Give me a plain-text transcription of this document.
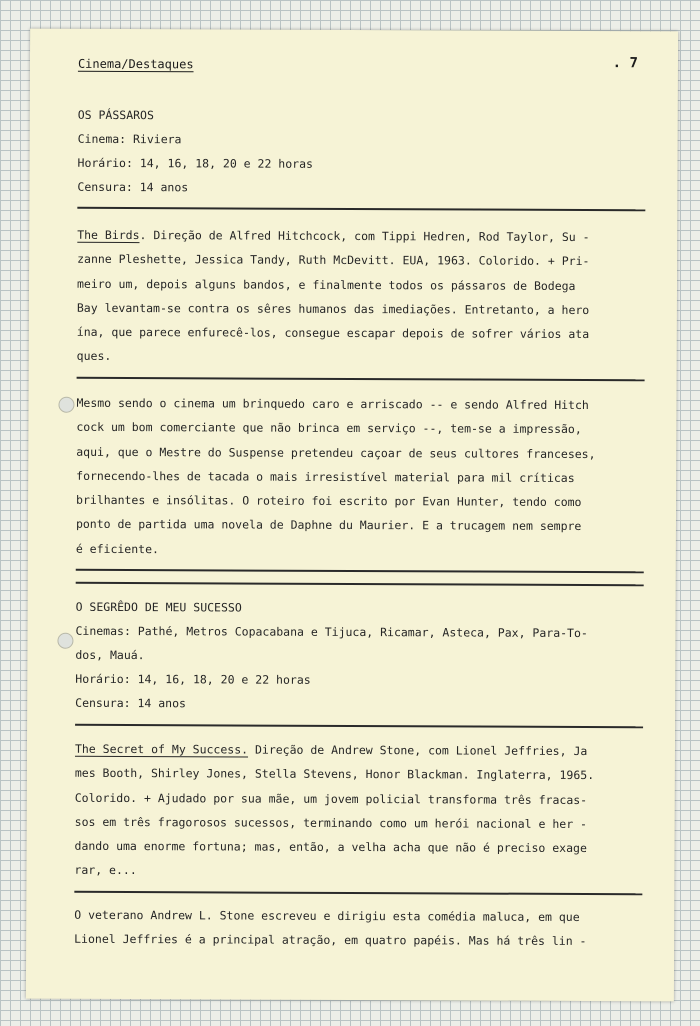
Cinema/Destaques	. 7
OS PÁSSAROS
Cinema: Riviera
Horário: 14, 16, 18, 20 e 22 horas
Censura: 14 anos
The Birds. Direção de Alfred Hitchcock, com Tippi Hedren, Rod Taylor, Su -
zanne Pleshette, Jessica Tandy, Ruth McDevitt. EUA, 1963. Colorido. + Pri-
meiro um, depois alguns bandos, e finalmente todos os pássaros de Bodega
Bay levantam-se contra os sêres humanos das imediações. Entretanto, a hero
ína, que parece enfurecê-los, consegue escapar depois de sofrer vários ata
ques.
Mesmo sendo o cinema um brinquedo caro e arriscado -- e sendo Alfred Hitch
cock um bom comerciante que não brinca em serviço --, tem-se a impressão,
aqui, que o Mestre do Suspense pretendeu caçoar de seus cultores franceses,
fornecendo-lhes de tacada o mais irresistível material para mil críticas
brilhantes e insólitas. O roteiro foi escrito por Evan Hunter, tendo como
ponto de partida uma novela de Daphne du Maurier. E a trucagem nem sempre
é eficiente.
O SEGRÊDO DE MEU SUCESSO
Cinemas: Pathé, Metros Copacabana e Tijuca, Ricamar, Asteca, Pax, Para-To-
dos, Mauá.
Horário: 14, 16, 18, 20 e 22 horas
Censura: 14 anos
The Secret of My Success. Direção de Andrew Stone, com Lionel Jeffries, Ja
mes Booth, Shirley Jones, Stella Stevens, Honor Blackman. Inglaterra, 1965.
Colorido. + Ajudado por sua mãe, um jovem policial transforma três fracas-
sos em três fragorosos sucessos, terminando como um herói nacional e her -
dando uma enorme fortuna; mas, então, a velha acha que não é preciso exage
rar, e...
O veterano Andrew L. Stone escreveu e dirigiu esta comédia maluca, em que
Lionel Jeffries é a principal atração, em quatro papéis. Mas há três lin -
